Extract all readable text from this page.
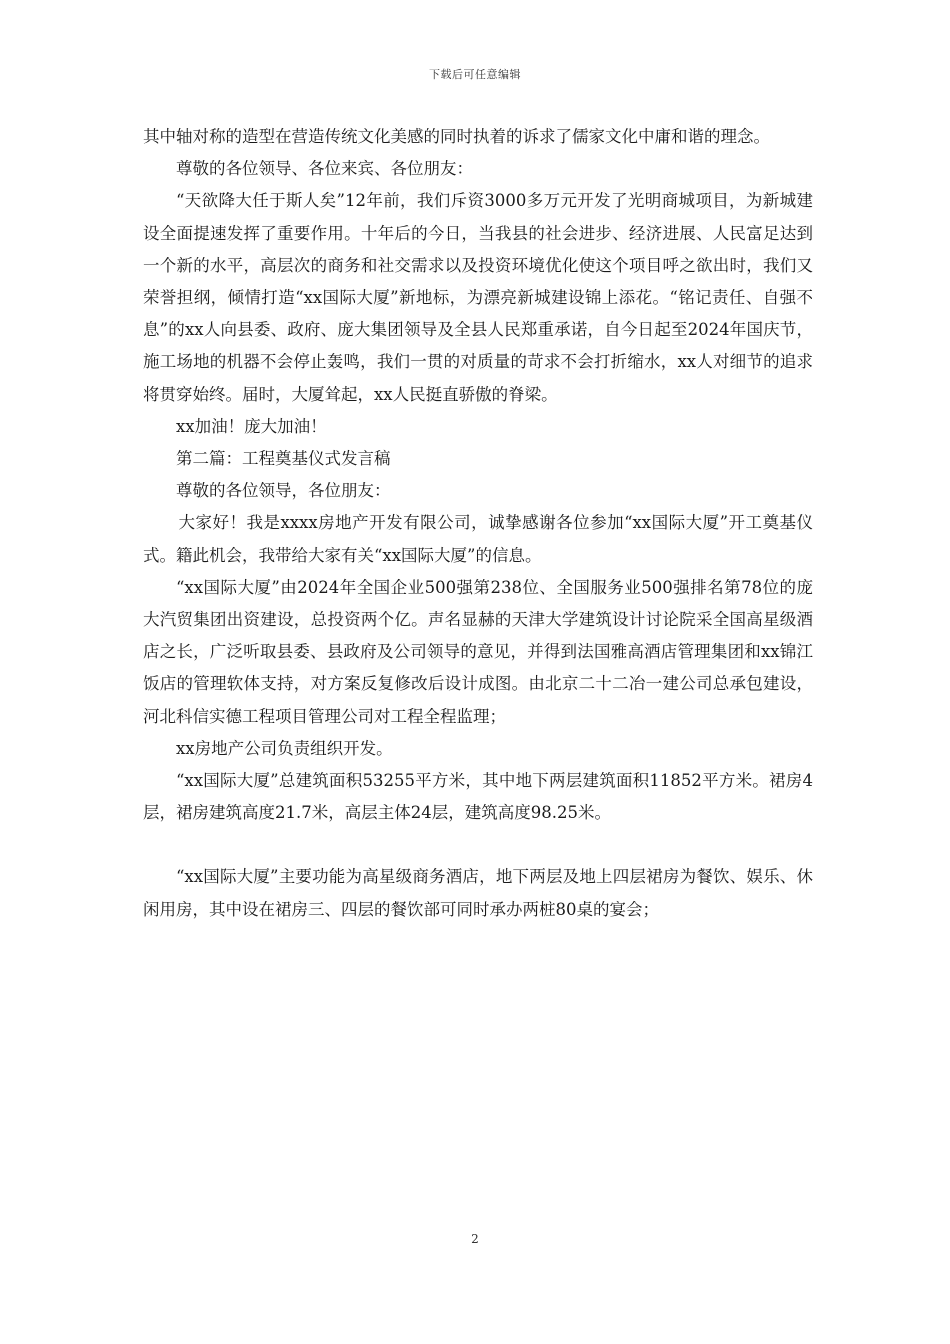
下载后可任意编辑

其中轴对称的造型在营造传统文化美感的同时执着的诉求了儒家文化中庸和谐的理念。

尊敬的各位领导、各位来宾、各位朋友：

“天欲降大任于斯人矣”12年前，我们斥资3000多万元开发了光明商城项目，为新城建设全面提速发挥了重要作用。十年后的今日，当我县的社会进步、经济进展、人民富足达到一个新的水平，高层次的商务和社交需求以及投资环境优化使这个项目呼之欲出时，我们又荣誉担纲，倾情打造“xx国际大厦”新地标，为漂亮新城建设锦上添花。“铭记责任、自强不息”的xx人向县委、政府、庞大集团领导及全县人民郑重承诺，自今日起至2024年国庆节，施工场地的机器不会停止轰鸣，我们一贯的对质量的苛求不会打折缩水，xx人对细节的追求将贯穿始终。届时，大厦耸起，xx人民挺直骄傲的脊梁。

xx加油！庞大加油！

第二篇：工程奠基仪式发言稿

尊敬的各位领导，各位朋友：

大家好！我是xxxx房地产开发有限公司，诚挚感谢各位参加“xx国际大厦”开工奠基仪式。籍此机会，我带给大家有关“xx国际大厦”的信息。

“xx国际大厦”由2024年全国企业500强第238位、全国服务业500强排名第78位的庞大汽贸集团出资建设，总投资两个亿。声名显赫的天津大学建筑设计讨论院采全国高星级酒店之长，广泛听取县委、县政府及公司领导的意见，并得到法国雅高酒店管理集团和xx锦江饭店的管理软体支持，对方案反复修改后设计成图。由北京二十二冶一建公司总承包建设，河北科信实德工程项目管理公司对工程全程监理；

xx房地产公司负责组织开发。

“xx国际大厦”总建筑面积53255平方米，其中地下两层建筑面积11852平方米。裙房4层，裙房建筑高度21.7米，高层主体24层，建筑高度98.25米。

“xx国际大厦”主要功能为高星级商务酒店，地下两层及地上四层裙房为餐饮、娱乐、休闲用房，其中设在裙房三、四层的餐饮部可同时承办两桩80桌的宴会；

2
